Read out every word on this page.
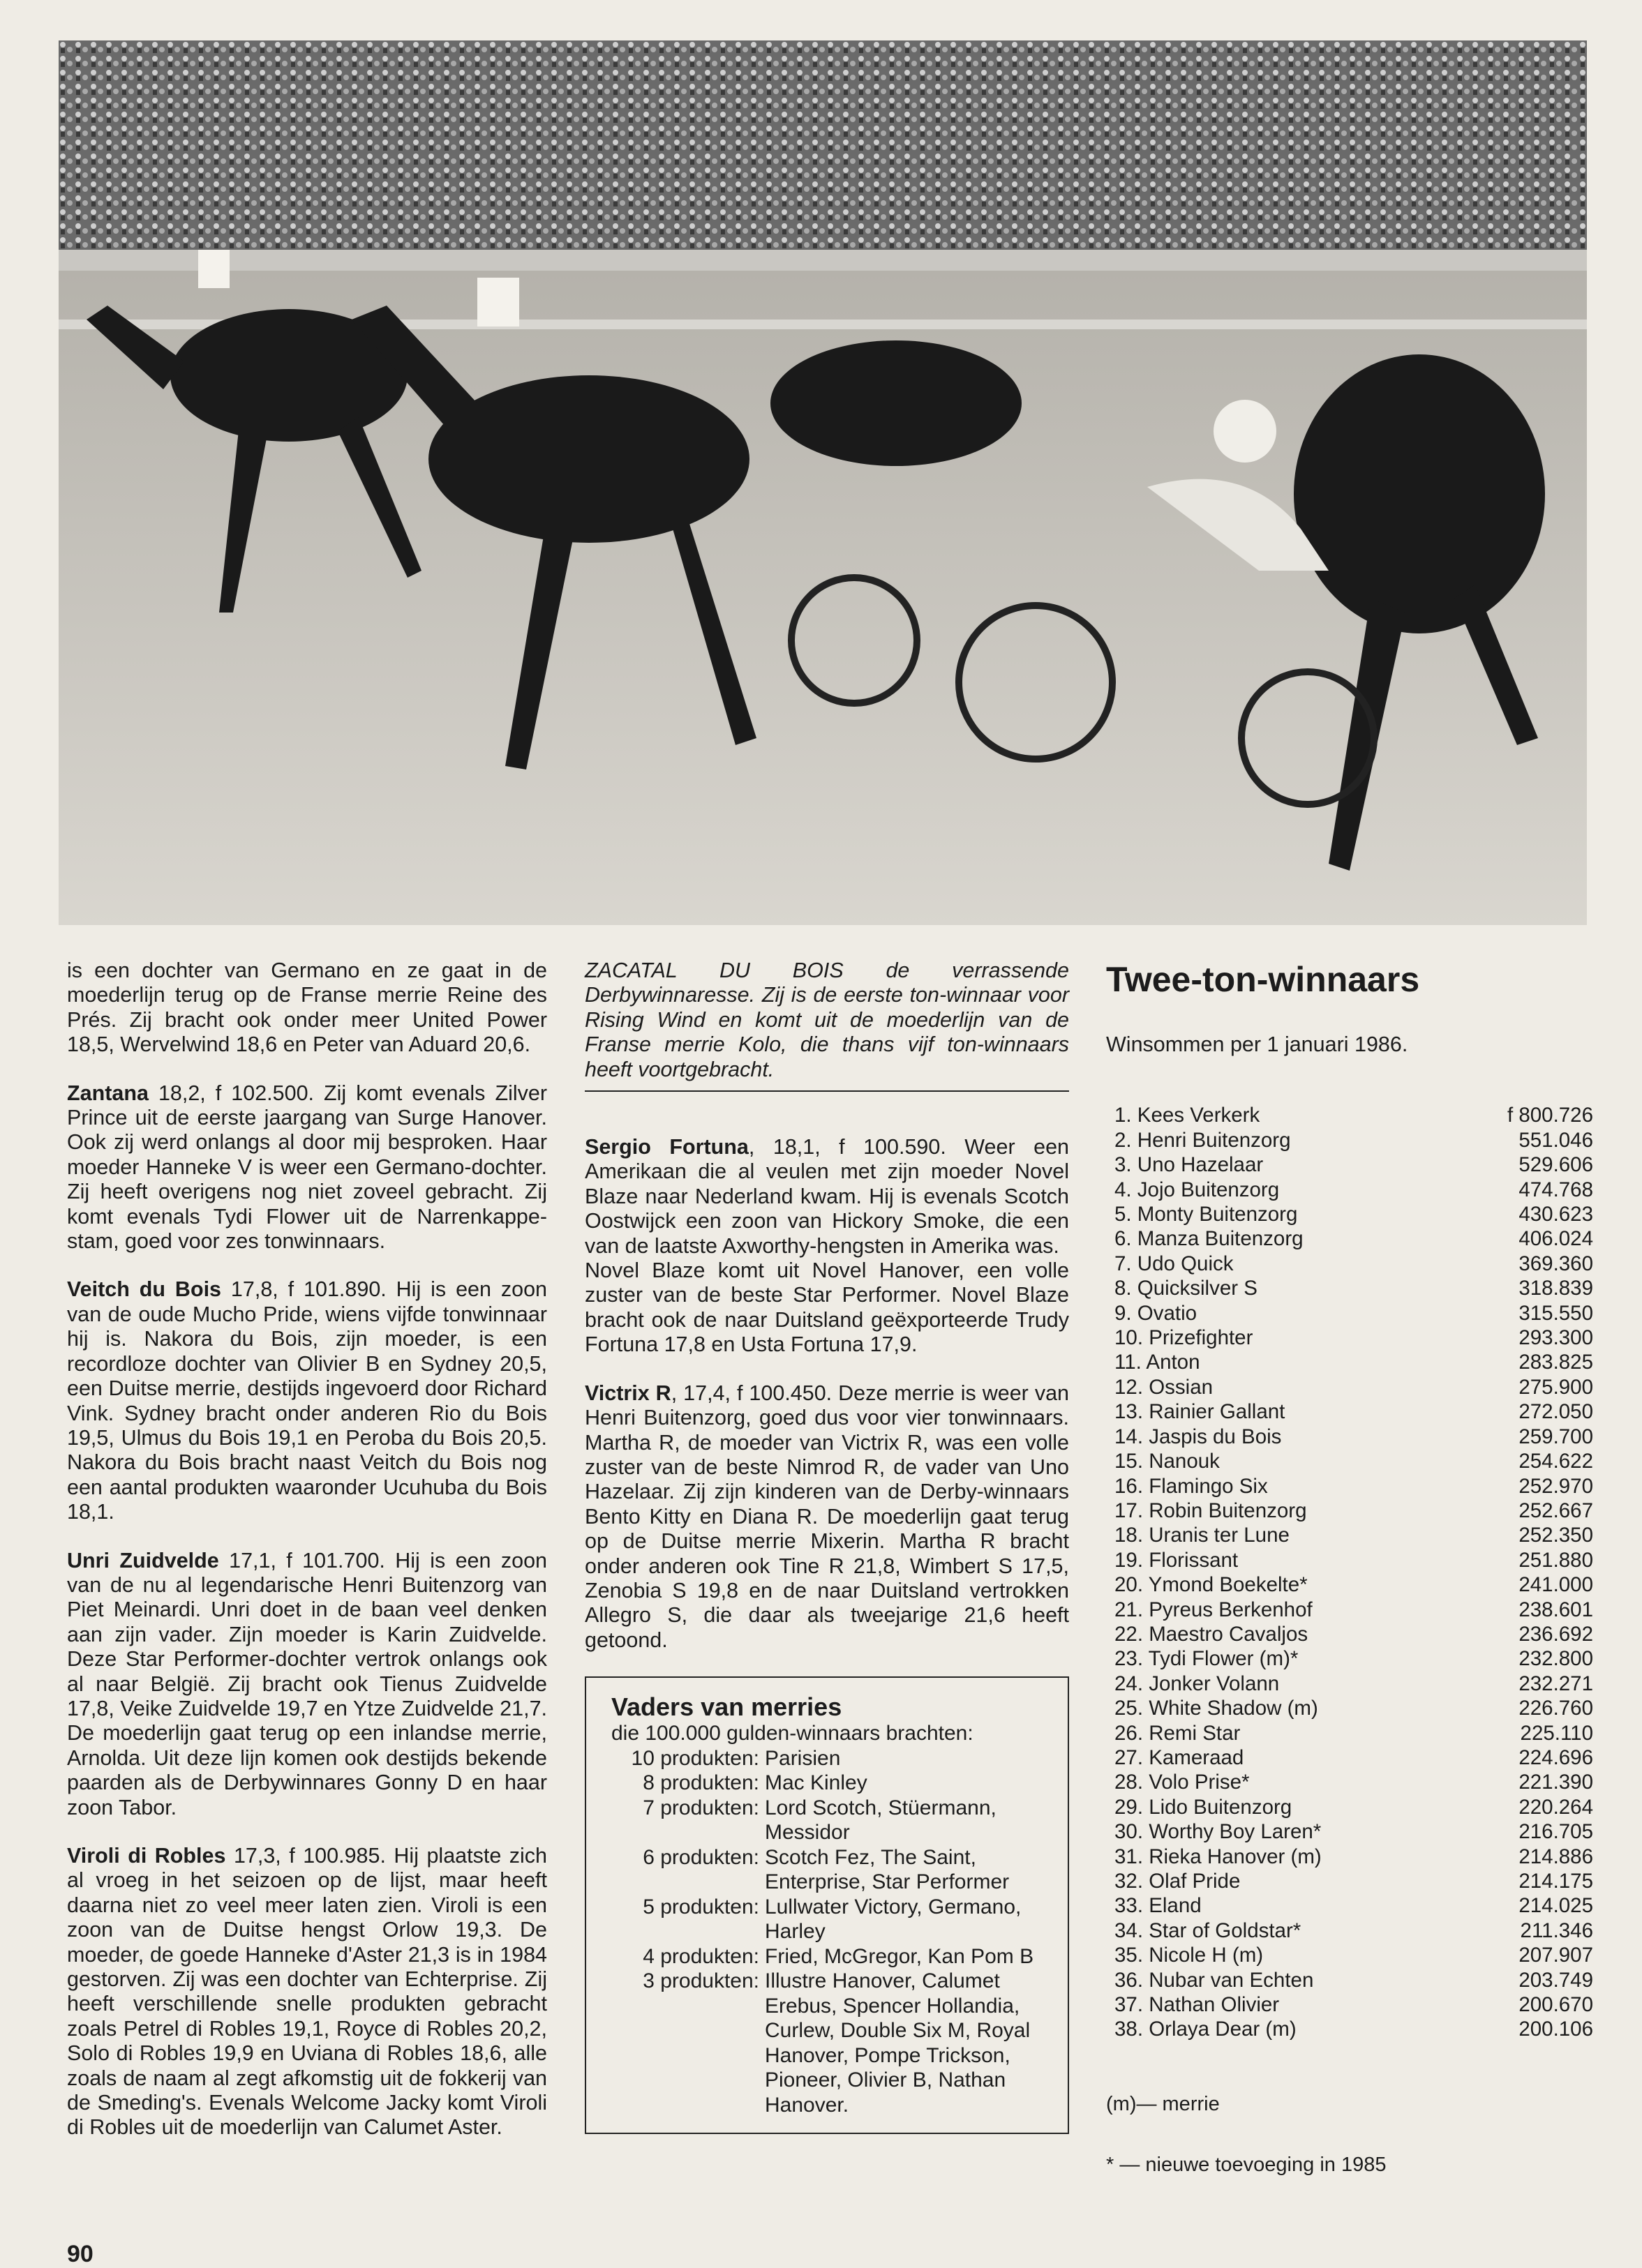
is een dochter van Germano en ze gaat in de moederlijn terug op de Franse merrie Reine des Prés. Zij bracht ook onder meer United Power 18,5, Wervelwind 18,6 en Peter van Aduard 20,6.

Zantana 18,2, f 102.500. Zij komt evenals Zilver Prince uit de eerste jaargang van Surge Hanover. Ook zij werd onlangs al door mij besproken. Haar moeder Hanneke V is weer een Germano-dochter. Zij heeft overigens nog niet zoveel gebracht. Zij komt evenals Tydi Flower uit de Narrenkappe-stam, goed voor zes tonwinnaars.

Veitch du Bois 17,8, f 101.890. Hij is een zoon van de oude Mucho Pride, wiens vijfde tonwinnaar hij is. Nakora du Bois, zijn moeder, is een recordloze dochter van Olivier B en Sydney 20,5, een Duitse merrie, destijds ingevoerd door Richard Vink. Sydney bracht onder anderen Rio du Bois 19,5, Ulmus du Bois 19,1 en Peroba du Bois 20,5. Nakora du Bois bracht naast Veitch du Bois nog een aantal produkten waaronder Ucuhuba du Bois 18,1.

Unri Zuidvelde 17,1, f 101.700. Hij is een zoon van de nu al legendarische Henri Buitenzorg van Piet Meinardi. Unri doet in de baan veel denken aan zijn vader. Zijn moeder is Karin Zuidvelde. Deze Star Performer-dochter vertrok onlangs ook al naar België. Zij bracht ook Tienus Zuidvelde 17,8, Veike Zuidvelde 19,7 en Ytze Zuidvelde 21,7. De moederlijn gaat terug op een inlandse merrie, Arnolda. Uit deze lijn komen ook destijds bekende paarden als de Derbywinnares Gonny D en haar zoon Tabor.

Viroli di Robles 17,3, f 100.985. Hij plaatste zich al vroeg in het seizoen op de lijst, maar heeft daarna niet zo veel meer laten zien. Viroli is een zoon van de Duitse hengst Orlow 19,3. De moeder, de goede Hanneke d'Aster 21,3 is in 1984 gestorven. Zij was een dochter van Echterprise. Zij heeft verschillende snelle produkten gebracht zoals Petrel di Robles 19,1, Royce di Robles 20,2, Solo di Robles 19,9 en Uviana di Robles 18,6, alle zoals de naam al zegt afkomstig uit de fokkerij van de Smeding's. Evenals Welcome Jacky komt Viroli di Robles uit de moederlijn van Calumet Aster.

ZACATAL DU BOIS de verrassende Derbywinnaresse. Zij is de eerste ton-winnaar voor Rising Wind en komt uit de moederlijn van de Franse merrie Kolo, die thans vijf ton-winnaars heeft voortgebracht.

Sergio Fortuna, 18,1, f 100.590. Weer een Amerikaan die al veulen met zijn moeder Novel Blaze naar Nederland kwam. Hij is evenals Scotch Oostwijck een zoon van Hickory Smoke, die een van de laatste Axworthy-hengsten in Amerika was.

Novel Blaze komt uit Novel Hanover, een volle zuster van de beste Star Performer. Novel Blaze bracht ook de naar Duitsland geëxporteerde Trudy Fortuna 17,8 en Usta Fortuna 17,9.

Victrix R, 17,4, f 100.450. Deze merrie is weer van Henri Buitenzorg, goed dus voor vier tonwinnaars. Martha R, de moeder van Victrix R, was een volle zuster van de beste Nimrod R, de vader van Uno Hazelaar. Zij zijn kinderen van de Derby-winnaars Bento Kitty en Diana R. De moederlijn gaat terug op de Duitse merrie Mixerin. Martha R bracht onder anderen ook Tine R 21,8, Wimbert S 17,5, Zenobia S 19,8 en de naar Duitsland vertrokken Allegro S, die daar als tweejarige 21,6 heeft getoond.

Vaders van merries
die 100.000 gulden-winnaars brachten:
10 produkten: Parisien
8 produkten: Mac Kinley
7 produkten: Lord Scotch, Stüermann, Messidor
6 produkten: Scotch Fez, The Saint, Enterprise, Star Performer
5 produkten: Lullwater Victory, Germano, Harley
4 produkten: Fried, McGregor, Kan Pom B
3 produkten: Illustre Hanover, Calumet Erebus, Spencer Hollandia, Curlew, Double Six M, Royal Hanover, Pompe Trickson, Pioneer, Olivier B, Nathan Hanover.
Twee-ton-winnaars
Winsommen per 1 januari 1986.
1. Kees Verkerk	f 800.726
2. Henri Buitenzorg	551.046
3. Uno Hazelaar	529.606
4. Jojo Buitenzorg	474.768
5. Monty Buitenzorg	430.623
6. Manza Buitenzorg	406.024
7. Udo Quick	369.360
8. Quicksilver S	318.839
9. Ovatio	315.550
10. Prizefighter	293.300
11. Anton	283.825
12. Ossian	275.900
13. Rainier Gallant	272.050
14. Jaspis du Bois	259.700
15. Nanouk	254.622
16. Flamingo Six	252.970
17. Robin Buitenzorg	252.667
18. Uranis ter Lune	252.350
19. Florissant	251.880
20. Ymond Boekelte*	241.000
21. Pyreus Berkenhof	238.601
22. Maestro Cavaljos	236.692
23. Tydi Flower (m)*	232.800
24. Jonker Volann	232.271
25. White Shadow (m)	226.760
26. Remi Star	225.110
27. Kameraad	224.696
28. Volo Prise*	221.390
29. Lido Buitenzorg	220.264
30. Worthy Boy Laren*	216.705
31. Rieka Hanover (m)	214.886
32. Olaf Pride	214.175
33. Eland	214.025
34. Star of Goldstar*	211.346
35. Nicole H (m)	207.907
36. Nubar van Echten	203.749
37. Nathan Olivier	200.670
38. Orlaya Dear (m)	200.106

(m)— merrie

* — nieuwe toevoeging in 1985

90
